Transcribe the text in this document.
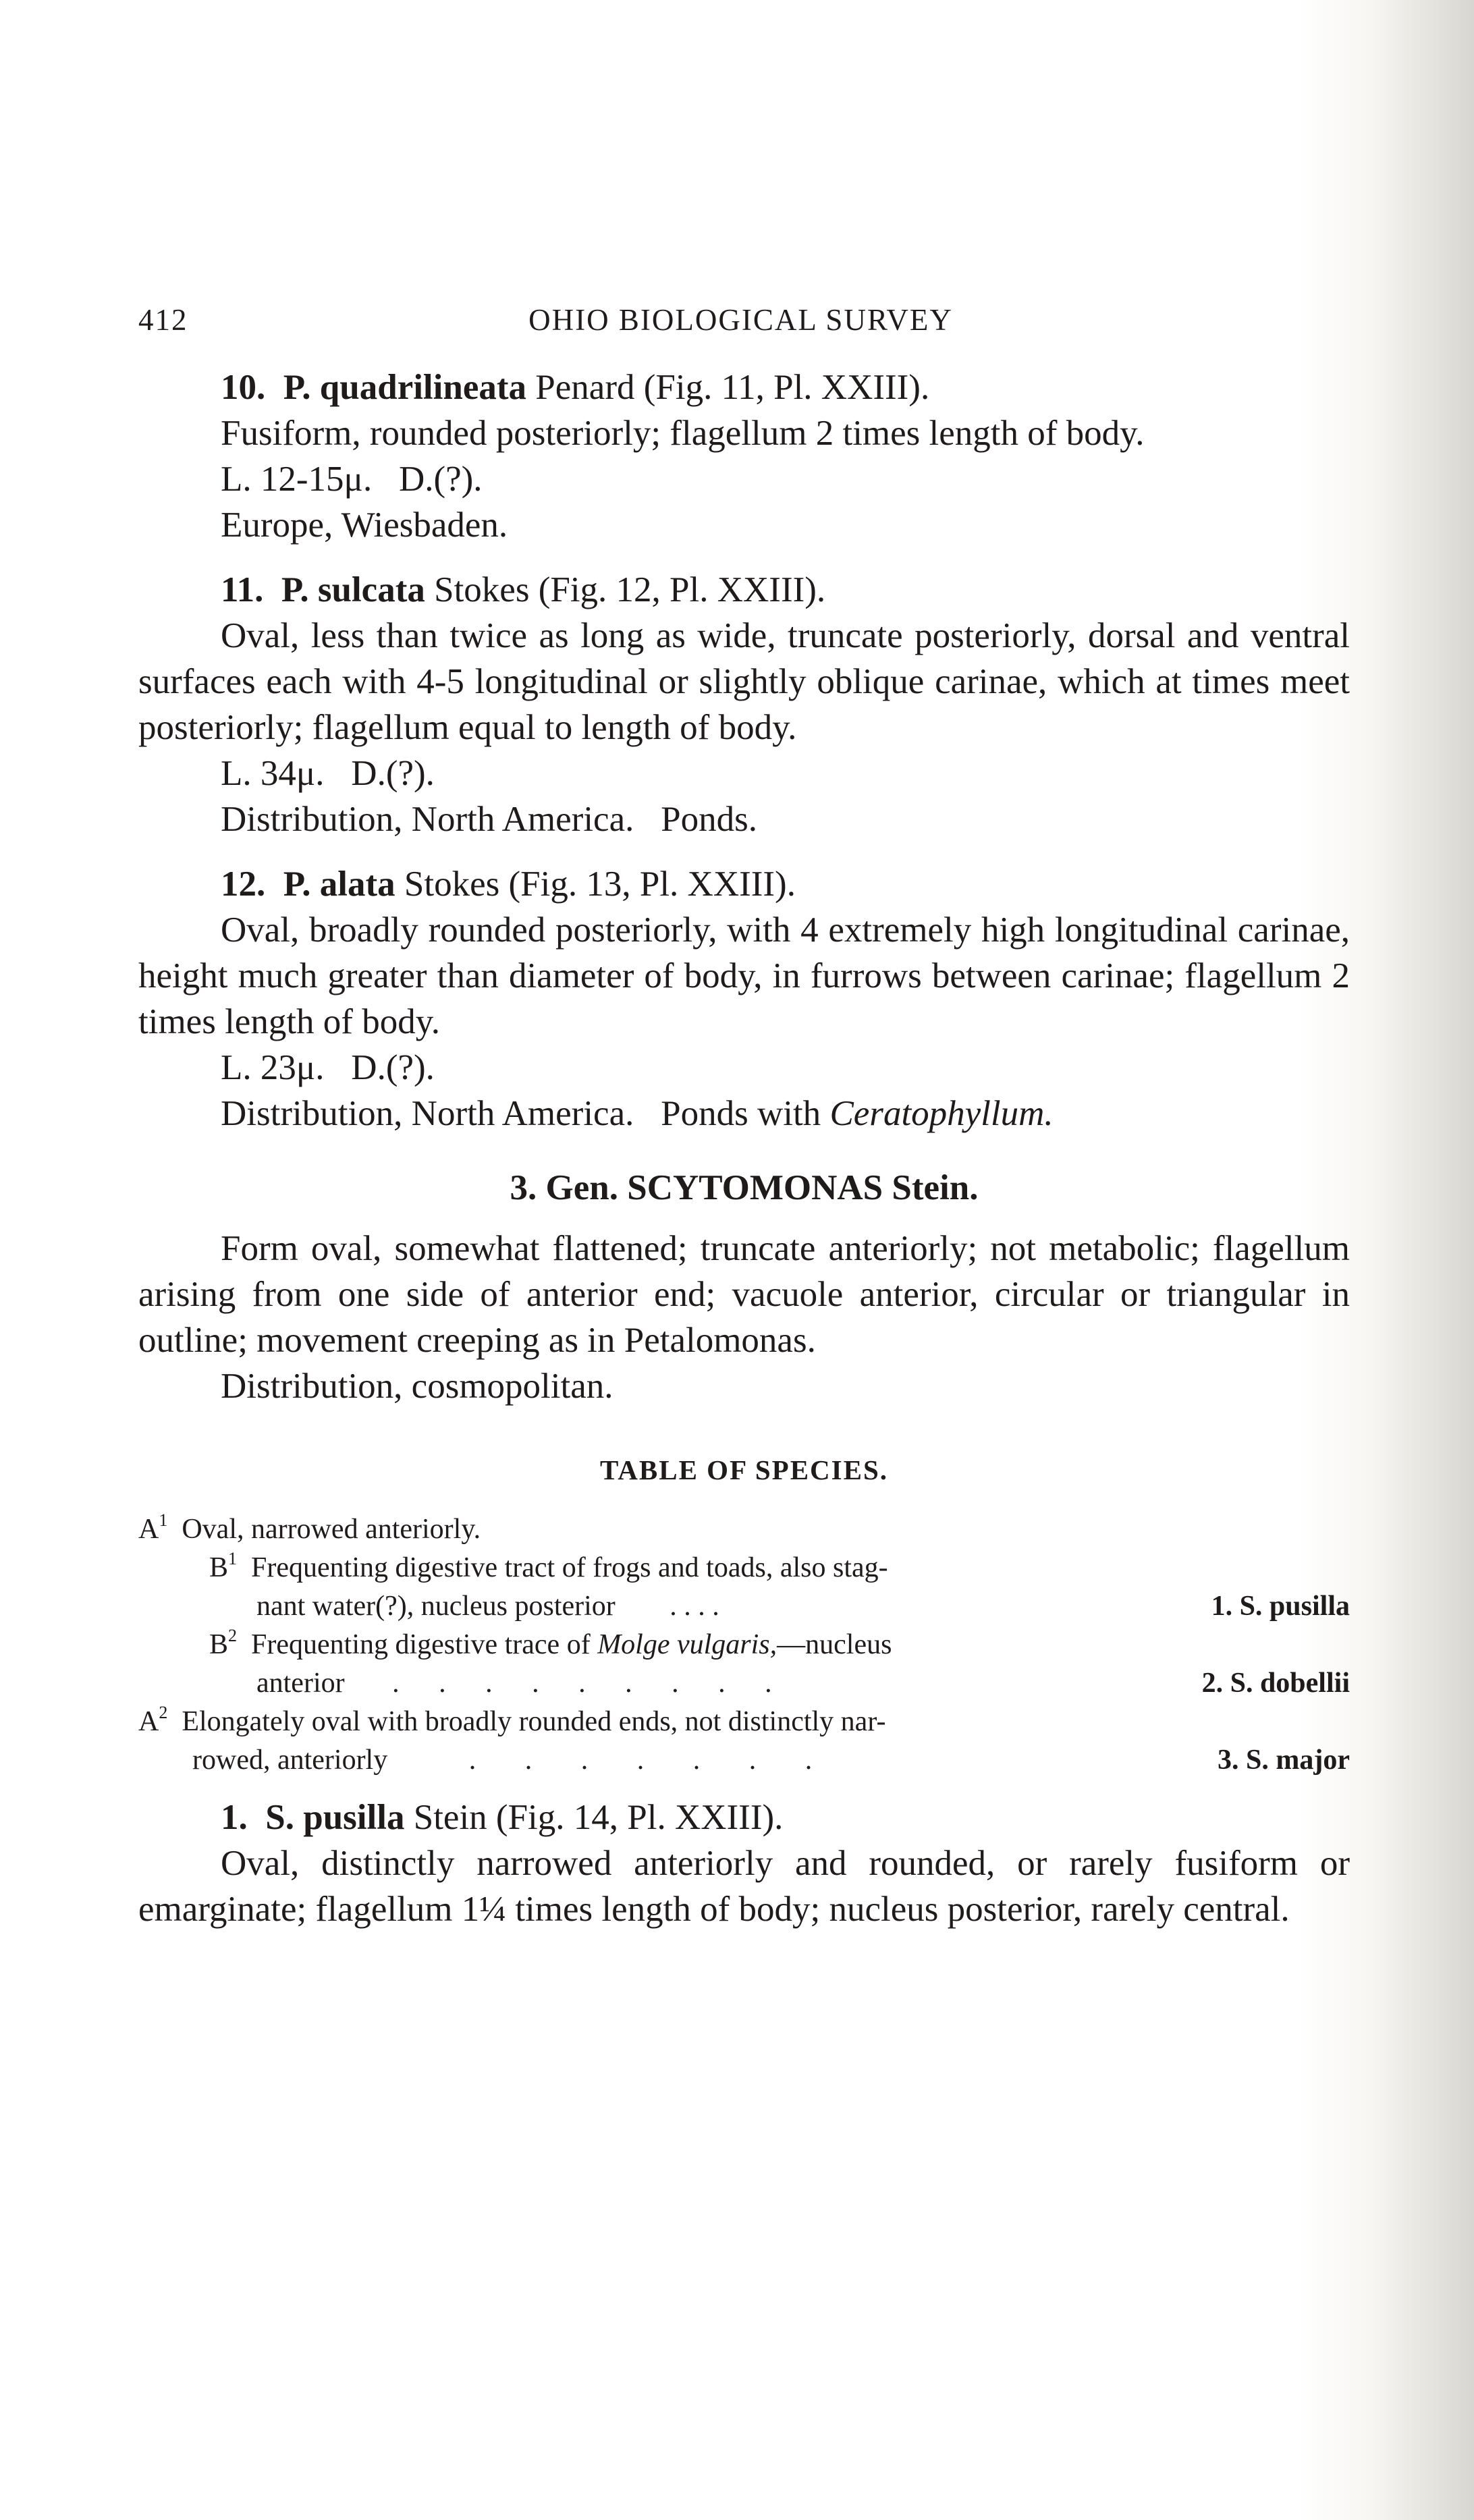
412	OHIO BIOLOGICAL SURVEY

10. P. quadrilineata Penard (Fig. 11, Pl. XXIII).

Fusiform, rounded posteriorly; flagellum 2 times length of body.

L. 12-15μ.   D.(?).

Europe, Wiesbaden.

11. P. sulcata Stokes (Fig. 12, Pl. XXIII).

Oval, less than twice as long as wide, truncate posteriorly, dorsal and ventral surfaces each with 4-5 longitudinal or slightly oblique carinae, which at times meet posteriorly; flagellum equal to length of body.

L. 34μ.   D.(?).

Distribution, North America.   Ponds.

12. P. alata Stokes (Fig. 13, Pl. XXIII).

Oval, broadly rounded posteriorly, with 4 extremely high longitudinal carinae, height much greater than diameter of body, in furrows between carinae; flagellum 2 times length of body.

L. 23μ.   D.(?).

Distribution, North America.   Ponds with Ceratophyllum.

3. Gen. SCYTOMONAS Stein.

Form oval, somewhat flattened; truncate anteriorly; not metabolic; flagellum arising from one side of anterior end; vacuole anterior, circular or triangular in outline; movement creeping as in Petalomonas.

Distribution, cosmopolitan.

TABLE OF SPECIES.
$A^1$ Oval, narrowed anteriorly.
$B^1$ Frequenting digestive tract of frogs and toads, also stag-
nant water(?), nucleus posterior . . . .	1. S. pusilla
$B^2$ Frequenting digestive trace of Molge vulgaris,—nucleus
anterior . . . . . . . . .	2. S. dobellii
$A^2$ Elongately oval with broadly rounded ends, not distinctly nar-
rowed, anteriorly	. . . . . . .	3. S. major

1. S. pusilla Stein (Fig. 14, Pl. XXIII).

Oval, distinctly narrowed anteriorly and rounded, or rarely fusiform or emarginate; flagellum 1¼ times length of body; nucleus posterior, rarely central.
